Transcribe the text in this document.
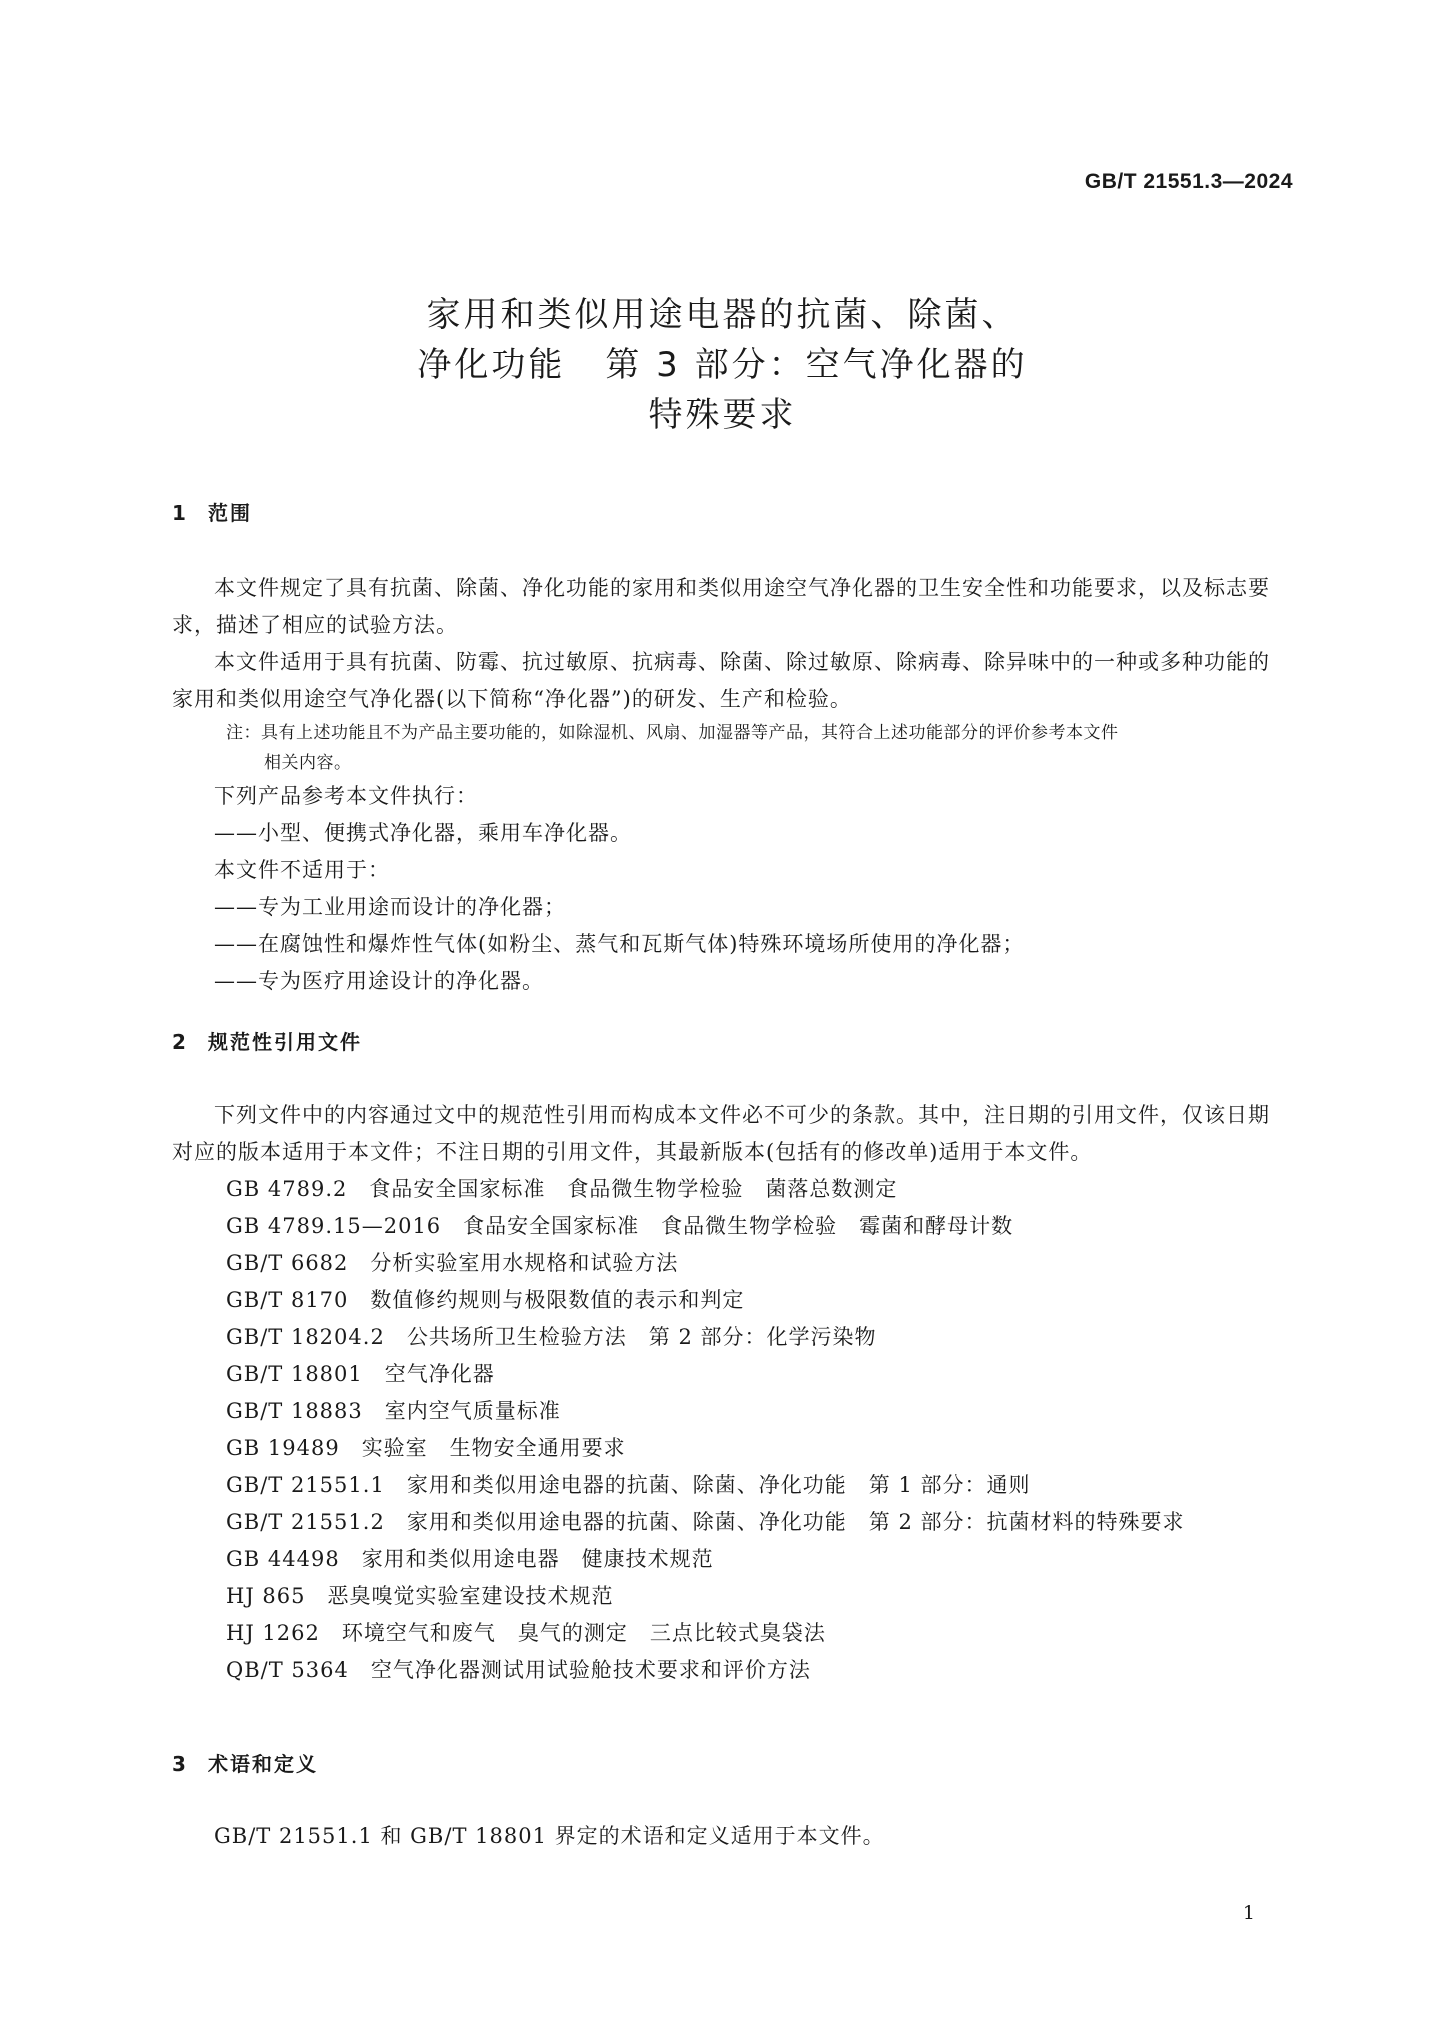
GB/T 21551.3—2024
家用和类似用途电器的抗菌、除菌、
净化功能 第 3 部分：空气净化器的
特殊要求
1 范围

本文件规定了具有抗菌、除菌、净化功能的家用和类似用途空气净化器的卫生安全性和功能要求，以及标志要求，描述了相应的试验方法。

本文件适用于具有抗菌、防霉、抗过敏原、抗病毒、除菌、除过敏原、除病毒、除异味中的一种或多种功能的家用和类似用途空气净化器(以下简称“净化器”)的研发、生产和检验。

注：具有上述功能且不为产品主要功能的，如除湿机、风扇、加湿器等产品，其符合上述功能部分的评价参考本文件
相关内容。

下列产品参考本文件执行：

——小型、便携式净化器，乘用车净化器。

本文件不适用于：

——专为工业用途而设计的净化器；

——在腐蚀性和爆炸性气体(如粉尘、蒸气和瓦斯气体)特殊环境场所使用的净化器；

——专为医疗用途设计的净化器。

2 规范性引用文件

下列文件中的内容通过文中的规范性引用而构成本文件必不可少的条款。其中，注日期的引用文件，仅该日期对应的版本适用于本文件；不注日期的引用文件，其最新版本(包括有的修改单)适用于本文件。

GB 4789.2 食品安全国家标准　食品微生物学检验　菌落总数测定

GB 4789.15—2016 食品安全国家标准　食品微生物学检验　霉菌和酵母计数

GB/T 6682 分析实验室用水规格和试验方法

GB/T 8170 数值修约规则与极限数值的表示和判定

GB/T 18204.2 公共场所卫生检验方法　第 2 部分：化学污染物

GB/T 18801 空气净化器

GB/T 18883 室内空气质量标准

GB 19489 实验室　生物安全通用要求

GB/T 21551.1 家用和类似用途电器的抗菌、除菌、净化功能　第 1 部分：通则

GB/T 21551.2 家用和类似用途电器的抗菌、除菌、净化功能　第 2 部分：抗菌材料的特殊要求

GB 44498 家用和类似用途电器　健康技术规范

HJ 865 恶臭嗅觉实验室建设技术规范

HJ 1262 环境空气和废气　臭气的测定　三点比较式臭袋法

QB/T 5364 空气净化器测试用试验舱技术要求和评价方法

3 术语和定义

GB/T 21551.1 和 GB/T 18801 界定的术语和定义适用于本文件。

1
